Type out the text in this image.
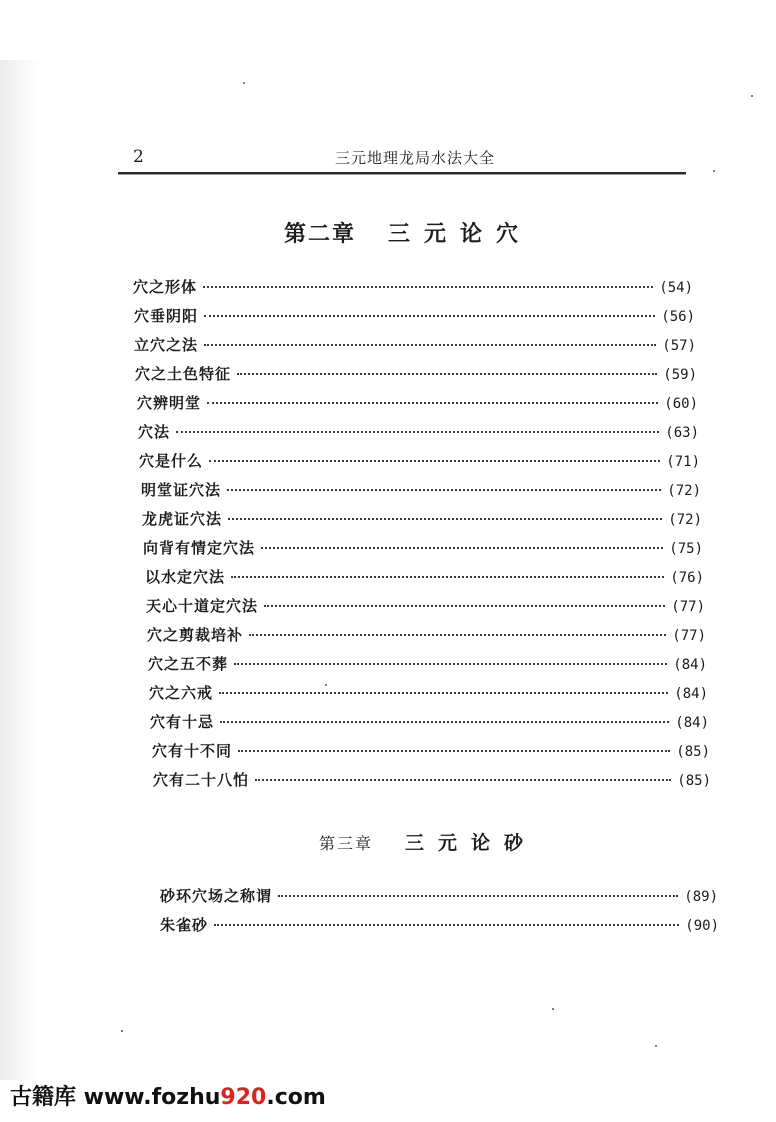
2	三元地理龙局水法大全
第二章 三元论穴
穴之形体	(54)
穴垂阴阳	(56)
立穴之法	(57)
穴之土色特征	(59)
穴辨明堂	(60)
穴法	(63)
穴是什么	(71)
明堂证穴法	(72)
龙虎证穴法	(72)
向背有情定穴法	(75)
以水定穴法	(76)
天心十道定穴法	(77)
穴之剪裁培补	(77)
穴之五不葬	(84)
穴之六戒	(84)
穴有十忌	(84)
穴有十不同	(85)
穴有二十八怕	(85)
第三章 三元论砂
砂环穴场之称谓	(89)
朱雀砂	(90)
古籍库 www.fozhu920.com
